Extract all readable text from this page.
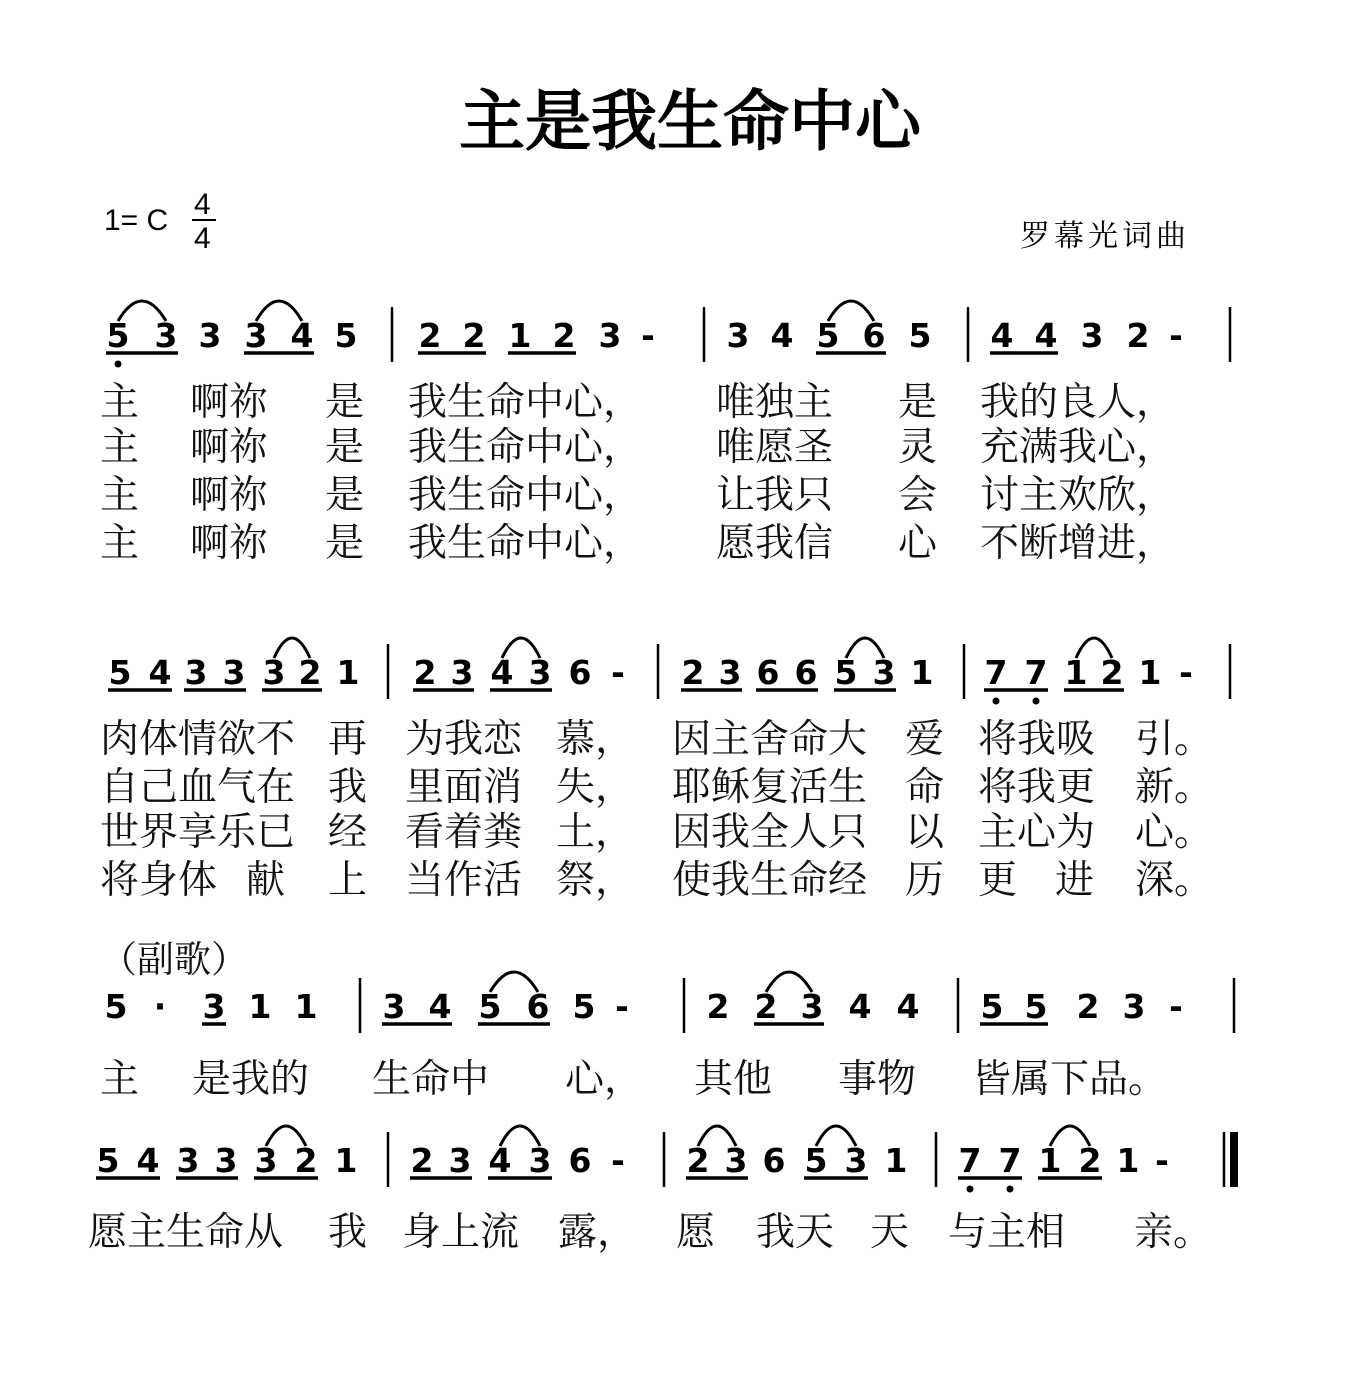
主是我生命中心
1= C 4
4	罗幕光词曲
（副歌）
5 3 3 3 4 5 2 2 1 2 3 - 3 4 5 6 5 4 4 3 2 -
主 啊祢 是 我生命中心， 唯独主 是 我的良人，
主 啊祢 是 我生命中心， 唯愿圣 灵 充满我心，
主 啊祢 是 我生命中心， 让我只 会 讨主欢欣，
主 啊祢 是 我生命中心， 愿我信 心 不断增进，
5 4 3 3 3 2 1 2 3 4 3 6 - 2 3 6 6 5 3 1 7 7 1 2 1 -
肉体情欲不 再 为我恋 慕， 因主舍命大 爱 将我吸 引。
自己血气在 我 里面消 失， 耶稣复活生 命 将我更 新。
世界享乐已 经 看着粪 土， 因我全人只 以 主心为 心。
将身体 献 上 当作活 祭， 使我生命经 历 更 进 深。
5 · 3 1 1 3 4 5 6 5 - 2 2 3 4 4 5 5 2 3 -
主 是我的 生命中 心， 其他 事物 皆属下品。
5 4 3 3 3 2 1 2 3 4 3 6 - 2 3 6 5 3 1 7 7 1 2 1 -
愿主生命从 我 身上流 露， 愿 我天 天 与主相 亲。
